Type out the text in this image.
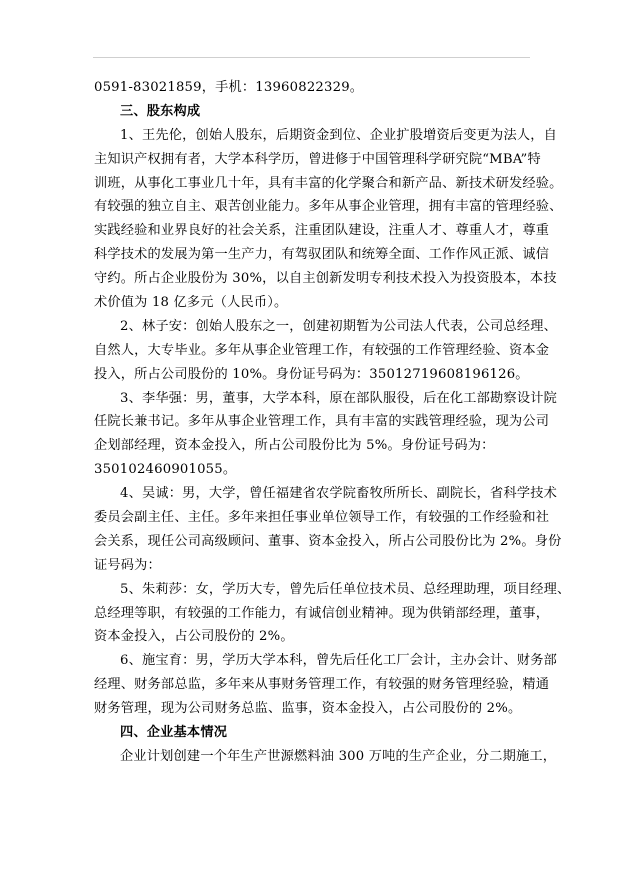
0591-83021859，手机：13960822329。
三、股东构成
1、王先伦，创始人股东，后期资金到位、企业扩股增资后变更为法人，自
主知识产权拥有者，大学本科学历，曾进修于中国管理科学研究院“MBA”特
训班，从事化工事业几十年，具有丰富的化学聚合和新产品、新技术研发经验。
有较强的独立自主、艰苦创业能力。多年从事企业管理，拥有丰富的管理经验、
实践经验和业界良好的社会关系，注重团队建设，注重人才、尊重人才，尊重
科学技术的发展为第一生产力，有驾驭团队和统筹全面、工作作风正派、诚信
守约。所占企业股份为 30%，以自主创新发明专利技术投入为投资股本，本技
术价值为 18 亿多元（人民币）。
2、林子安：创始人股东之一，创建初期暂为公司法人代表，公司总经理、
自然人，大专毕业。多年从事企业管理工作，有较强的工作管理经验、资本金
投入，所占公司股份的 10%。身份证号码为：350127196081961​26。
3、李华强：男，董事，大学本科，原在部队服役，后在化工部勘察设计院
任院长兼书记。多年从事企业管理工作，具有丰富的实践管理经验，现为公司
企划部经理，资本金投入，所占公司股份比为 5%。身份证号码为：
350102460901055。
4、吴诚：男，大学，曾任福建省农学院畜牧所所长、副院长，省科学技术
委员会副主任、主任。多年来担任事业单位领导工作，有较强的工作经验和社
会关系，现任公司高级顾问、董事、资本金投入，所占公司股份比为 2%。身份
证号码为：
5、朱莉莎：女，学历大专，曾先后任单位技术员、总经理助理，项目经理、
总经理等职，有较强的工作能力，有诚信创业精神。现为供销部经理，董事，
资本金投入，占公司股份的 2%。
6、施宝育：男，学历大学本科，曾先后任化工厂会计，主办会计、财务部
经理、财务部总监，多年来从事财务管理工作，有较强的财务管理经验，精通
财务管理，现为公司财务总监、监事，资本金投入，占公司股份的 2%。
四、企业基本情况
企业计划创建一个年生产世源燃料油 300 万吨的生产企业，分二期施工，
